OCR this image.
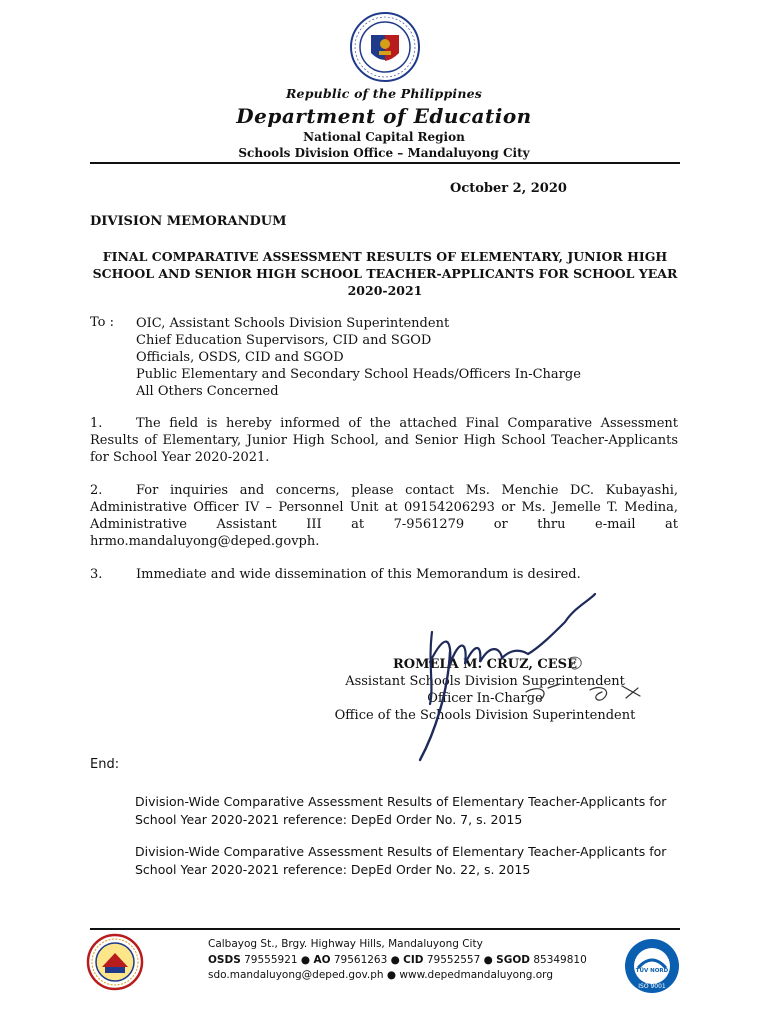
Republic of the Philippines
Department of Education
National Capital Region
Schools Division Office – Mandaluyong City
October 2, 2020
DIVISION MEMORANDUM
FINAL COMPARATIVE ASSESSMENT RESULTS OF ELEMENTARY, JUNIOR HIGH SCHOOL AND SENIOR HIGH SCHOOL TEACHER-APPLICANTS FOR SCHOOL YEAR 2020-2021
To : OIC, Assistant Schools Division Superintendent
Chief Education Supervisors, CID and SGOD
Officials, OSDS, CID and SGOD
Public Elementary and Secondary School Heads/Officers In-Charge
All Others Concerned
1.	The field is hereby informed of the attached Final Comparative Assessment Results of Elementary, Junior High School, and Senior High School Teacher-Applicants for School Year 2020-2021.
2.	For inquiries and concerns, please contact Ms. Menchie DC. Kubayashi, Administrative Officer IV – Personnel Unit at 09154206293 or Ms. Jemelle T. Medina, Administrative Assistant III at 7-9561279 or thru e-mail at hrmo.mandaluyong@deped.govph.
3.	Immediate and wide dissemination of this Memorandum is desired.
ROMELA M. CRUZ, CESE
Assistant Schools Division Superintendent
Officer In-Charge
Office of the Schools Division Superintendent
End:
Division-Wide Comparative Assessment Results of Elementary Teacher-Applicants for School Year 2020-2021 reference: DepEd Order No. 7, s. 2015
Division-Wide Comparative Assessment Results of Elementary Teacher-Applicants for School Year 2020-2021 reference: DepEd Order No. 22, s. 2015
Calbayog St., Brgy. Highway Hills, Mandaluyong City
OSDS 79555921 ● AO 79561263 ● CID 79552557 ● SGOD 85349810
sdo.mandaluyong@deped.gov.ph ● www.depedmandaluyong.org	TÜV NORD
ISO 9001
